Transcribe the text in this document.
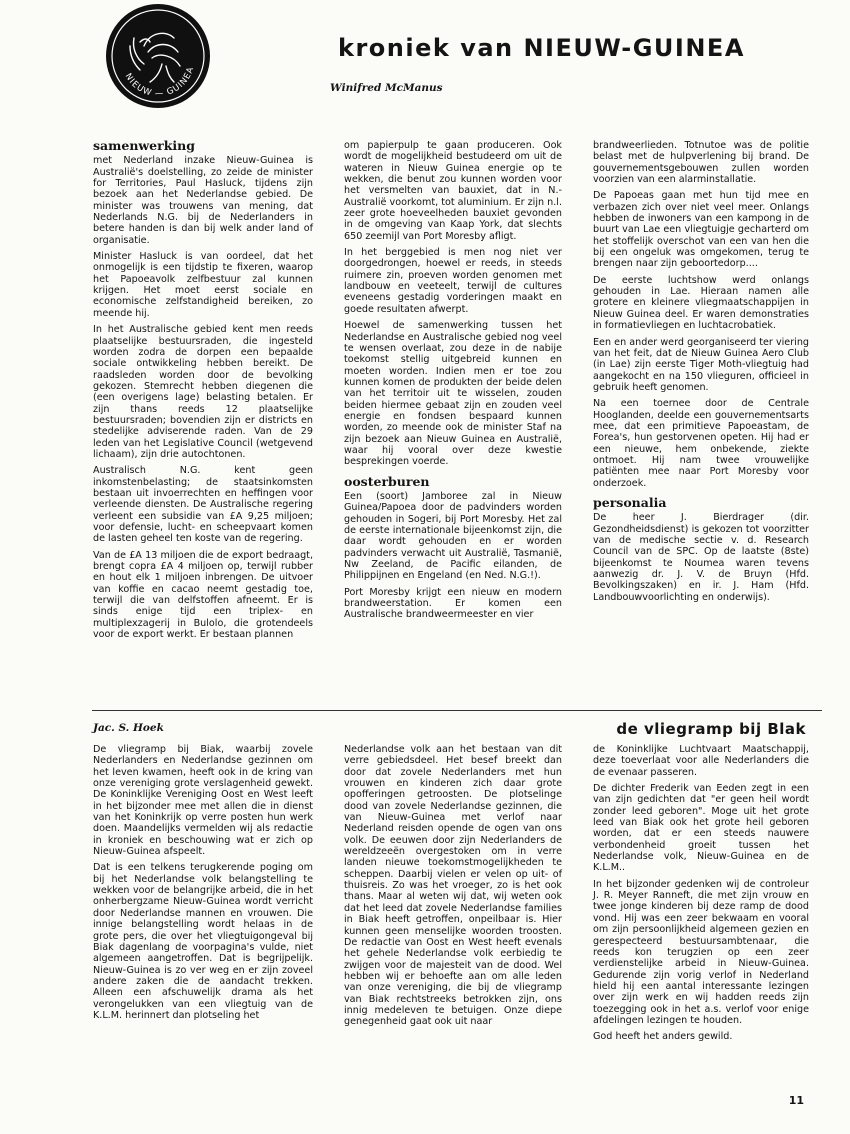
NIEUW — GUINEA
kroniek van NIEUW-GUINEA
Winifred McManus
samenwerking

met Nederland inzake Nieuw-Guinea is Australië's doelstelling, zo zeide de minister for Territories, Paul Hasluck, tijdens zijn bezoek aan het Nederlandse gebied. De minister was trouwens van mening, dat Nederlands N.G. bij de Nederlanders in betere handen is dan bij welk ander land of organisatie.

Minister Hasluck is van oordeel, dat het onmogelijk is een tijdstip te fixeren, waarop het Papoeavolk zelfbestuur zal kunnen krijgen. Het moet eerst sociale en economische zelfstandigheid bereiken, zo meende hij.

In het Australische gebied kent men reeds plaatselijke bestuursraden, die ingesteld worden zodra de dorpen een bepaalde sociale ontwikkeling hebben bereikt. De raadsleden worden door de bevolking gekozen. Stemrecht hebben diegenen die (een overigens lage) belasting betalen. Er zijn thans reeds 12 plaatselijke bestuursraden; bovendien zijn er districts en stedelijke adviserende raden. Van de 29 leden van het Legislative Council (wetgevend lichaam), zijn drie autochtonen.

Australisch N.G. kent geen inkomstenbelasting; de staatsinkomsten bestaan uit invoerrechten en heffingen voor verleende diensten. De Australische regering verleent een subsidie van £A 9,25 miljoen; voor defensie, lucht- en scheepvaart komen de lasten geheel ten koste van de regering.

Van de £A 13 miljoen die de export bedraagt, brengt copra £A 4 miljoen op, terwijl rubber en hout elk 1 miljoen inbrengen. De uitvoer van koffie en cacao neemt gestadig toe, terwijl die van delfstoffen afneemt. Er is sinds enige tijd een triplex- en multiplexzagerij in Bulolo, die grotendeels voor de export werkt. Er bestaan plannen

om papierpulp te gaan produceren. Ook wordt de mogelijkheid bestudeerd om uit de wateren in Nieuw Guinea energie op te wekken, die benut zou kunnen worden voor het versmelten van bauxiet, dat in N.-Australië voorkomt, tot aluminium. Er zijn n.l. zeer grote hoeveelheden bauxiet gevonden in de omgeving van Kaap York, dat slechts 650 zeemijl van Port Moresby afligt.

In het berggebied is men nog niet ver doorgedrongen, hoewel er reeds, in steeds ruimere zin, proeven worden genomen met landbouw en veeteelt, terwijl de cultures eveneens gestadig vorderingen maakt en goede resultaten afwerpt.

Hoewel de samenwerking tussen het Nederlandse en Australische gebied nog veel te wensen overlaat, zou deze in de nabije toekomst stellig uitgebreid kunnen en moeten worden. Indien men er toe zou kunnen komen de produkten der beide delen van het territoir uit te wisselen, zouden beiden hiermee gebaat zijn en zouden veel energie en fondsen bespaard kunnen worden, zo meende ook de minister Staf na zijn bezoek aan Nieuw Guinea en Australië, waar hij vooral over deze kwestie besprekingen voerde.

oosterburen

Een (soort) Jamboree zal in Nieuw Guinea/Papoea door de padvinders worden gehouden in Sogeri, bij Port Moresby. Het zal de eerste internationale bijeenkomst zijn, die daar wordt gehouden en er worden padvinders verwacht uit Australië, Tasmanië, Nw Zeeland, de Pacific eilanden, de Philippijnen en Engeland (en Ned. N.G.!).

Port Moresby krijgt een nieuw en modern brandweerstation. Er komen een Australische brandweermeester en vier

brandweerlieden. Totnutoe was de politie belast met de hulpverlening bij brand. De gouvernementsgebouwen zullen worden voorzien van een alarminstallatie.

De Papoeas gaan met hun tijd mee en verbazen zich over niet veel meer. Onlangs hebben de inwoners van een kampong in de buurt van Lae een vliegtuigje gecharterd om het stoffelijk overschot van een van hen die bij een ongeluk was omgekomen, terug te brengen naar zijn geboortedorp....

De eerste luchtshow werd onlangs gehouden in Lae. Hieraan namen alle grotere en kleinere vliegmaatschappijen in Nieuw Guinea deel. Er waren demonstraties in formatievliegen en luchtacrobatiek.

Een en ander werd georganiseerd ter viering van het feit, dat de Nieuw Guinea Aero Club (in Lae) zijn eerste Tiger Moth-vliegtuig had aangekocht en na 150 vlieguren, officieel in gebruik heeft genomen.

Na een toernee door de Centrale Hooglanden, deelde een gouvernementsarts mee, dat een primitieve Papoeastam, de Forea's, hun gestorvenen opeten. Hij had er een nieuwe, hem onbekende, ziekte ontmoet. Hij nam twee vrouwelijke patiënten mee naar Port Moresby voor onderzoek.

personalia

De heer J. Bierdrager (dir. Gezondheidsdienst) is gekozen tot voorzitter van de medische sectie v. d. Research Council van de SPC. Op de laatste (8ste) bijeenkomst te Noumea waren tevens aanwezig dr. J. V. de Bruyn (Hfd. Bevolkingszaken) en ir. J. Ham (Hfd. Landbouwvoorlichting en onderwijs).

Jac. S. Hoek	de vliegramp bij Blak

De vliegramp bij Biak, waarbij zovele Nederlanders en Nederlandse gezinnen om het leven kwamen, heeft ook in de kring van onze vereniging grote verslagenheid gewekt. De Koninklijke Vereniging Oost en West leeft in het bijzonder mee met allen die in dienst van het Koninkrijk op verre posten hun werk doen. Maandelijks vermelden wij als redactie in kroniek en beschouwing wat er zich op Nieuw-Guinea afspeelt.

Dat is een telkens terugkerende poging om bij het Nederlandse volk belangstelling te wekken voor de belangrijke arbeid, die in het onherbergzame Nieuw-Guinea wordt verricht door Nederlandse mannen en vrouwen. Die innige belangstelling wordt helaas in de grote pers, die over het vliegtuigongeval bij Biak dagenlang de voorpagina's vulde, niet algemeen aangetroffen. Dat is begrijpelijk. Nieuw-Guinea is zo ver weg en er zijn zoveel andere zaken die de aandacht trekken. Alleen een afschuwelijk drama als het verongelukken van een vliegtuig van de K.L.M. herinnert dan plotseling het

Nederlandse volk aan het bestaan van dit verre gebiedsdeel. Het besef breekt dan door dat zovele Nederlanders met hun vrouwen en kinderen zich daar grote opofferingen getroosten. De plotselinge dood van zovele Nederlandse gezinnen, die van Nieuw-Guinea met verlof naar Nederland reisden opende de ogen van ons volk. De eeuwen door zijn Nederlanders de wereldzeeën overgestoken om in verre landen nieuwe toekomstmogelijkheden te scheppen. Daarbij vielen er velen op uit- of thuisreis. Zo was het vroeger, zo is het ook thans. Maar al weten wij dat, wij weten ook dat het leed dat zovele Nederlandse families in Biak heeft getroffen, onpeilbaar is. Hier kunnen geen menselijke woorden troosten. De redactie van Oost en West heeft evenals het gehele Nederlandse volk eerbiedig te zwijgen voor de majesteit van de dood. Wel hebben wij er behoefte aan om alle leden van onze vereniging, die bij de vliegramp van Biak rechtstreeks betrokken zijn, ons innig medeleven te betuigen. Onze diepe genegenheid gaat ook uit naar

de Koninklijke Luchtvaart Maatschappij, deze toeverlaat voor alle Nederlanders die de evenaar passeren.

De dichter Frederik van Eeden zegt in een van zijn gedichten dat "er geen heil wordt zonder leed geboren". Moge uit het grote leed van Biak ook het grote heil geboren worden, dat er een steeds nauwere verbondenheid groeit tussen het Nederlandse volk, Nieuw-Guinea en de K.L.M..

In het bijzonder gedenken wij de controleur J. R. Meyer Ranneft, die met zijn vrouw en twee jonge kinderen bij deze ramp de dood vond. Hij was een zeer bekwaam en vooral om zijn persoonlijkheid algemeen gezien en gerespecteerd bestuursambtenaar, die reeds kon terugzien op een zeer verdienstelijke arbeid in Nieuw-Guinea. Gedurende zijn vorig verlof in Nederland hield hij een aantal interessante lezingen over zijn werk en wij hadden reeds zijn toezegging ook in het a.s. verlof voor enige afdelingen lezingen te houden.

God heeft het anders gewild.

11
